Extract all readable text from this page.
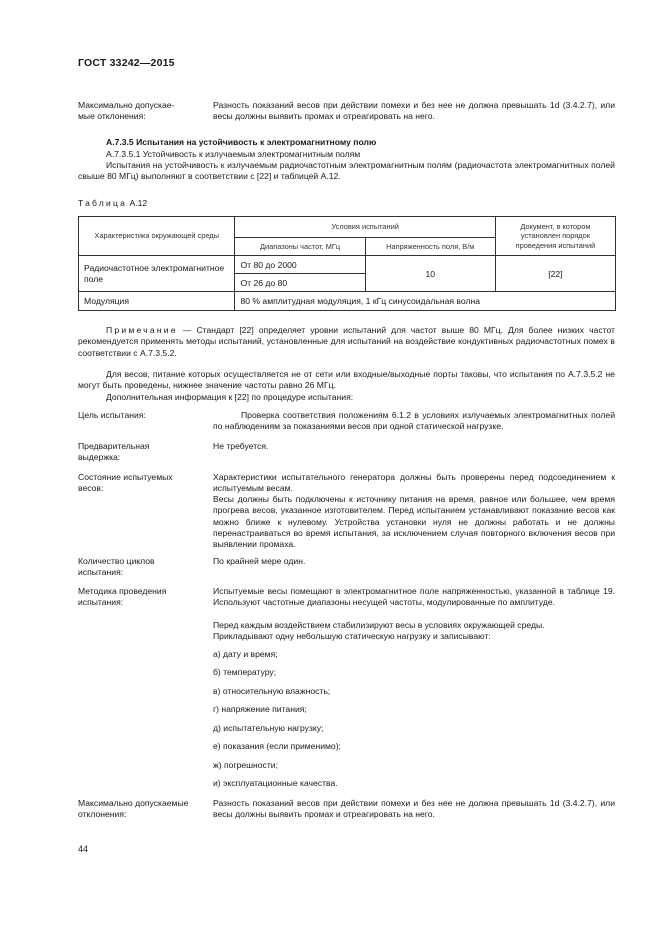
ГОСТ 33242—2015
Максимально допускае-
мые отклонения:
Разность показаний весов при действии помехи и без нее не должна превышать 1d (3.4.2.7), или весы должны выявить промах и отреагировать на него.
А.7.3.5 Испытания на устойчивость к электромагнитному полю
А.7.3.5.1 Устойчивость к излучаемым электромагнитным полям
Испытания на устойчивость к излучаемым радиочастотным электромагнитным полям (радиочастота электромагнитных полей свыше 80 МГц) выполняют в соответствии с [22] и таблицей А.12.
Таблица А.12
Характеристика окружающей среды	Условия испытаний		Документ, в котором установлен порядок проведения испытаний
	Диапазоны частот, МГц	Напряженность поля, В/м	
Радиочастотное электромагнитное поле	От 80 до 2000	10	[22]
	От 26 до 80		
Модуляция	80 % амплитудная модуляция, 1 кГц синусоидальная волна		
Примечание — Стандарт [22] определяет уровни испытаний для частот выше 80 МГц. Для более низких частот рекомендуется применять методы испытаний, установленные для испытаний на воздействие кондуктивных радиочастотных помех в соответствии с А.7.3.5.2.
Для весов, питание которых осуществляется не от сети или входные/выходные порты таковы, что испытания по А.7.3.5.2 не могут быть проведены, нижнее значение частоты равно 26 МГц.
Дополнительная информация к [22] по процедуре испытания:
Цель испытания:	Проверка соответствия положениям 6.1.2 в условиях излучаемых электромагнитных полей по наблюдениям за показаниями весов при одной статической нагрузке.
Предварительная выдержка:
Не требуется.
Состояние испытуемых весов:
Характеристики испытательного генератора должны быть проверены перед подсоединением к испытуемым весам.
Весы должны быть подключены к источнику питания на время, равное или большее, чем время прогрева весов, указанное изготовителем. Перед испытанием устанавливают показание весов как можно ближе к нулевому. Устройства установки нуля не должны работать и не должны перенастраиваться во время испытания, за исключением случая повторного включения весов при выявлении промаха.
Количество циклов испытания:
По крайней мере один.
Методика проведения испытания:
Испытуемые весы помещают в электромагнитное поле напряженностью, указанной в таблице 19. Используют частотные диапазоны несущей частоты, модулированные по амплитуде.
Перед каждым воздействием стабилизируют весы в условиях окружающей среды.
Прикладывают одну небольшую статическую нагрузку и записывают:
а) дату и время;
б) температуру;
в) относительную влажность;
г) напряжение питания;
д) испытательную нагрузку;
е) показания (если применимо);
ж) погрешности;
и) эксплуатационные качества.
Максимально допускаемые отклонения:
Разность показаний весов при действии помехи и без нее не должна превышать 1d (3.4.2.7), или весы должны выявить промах и отреагировать на него.
44
